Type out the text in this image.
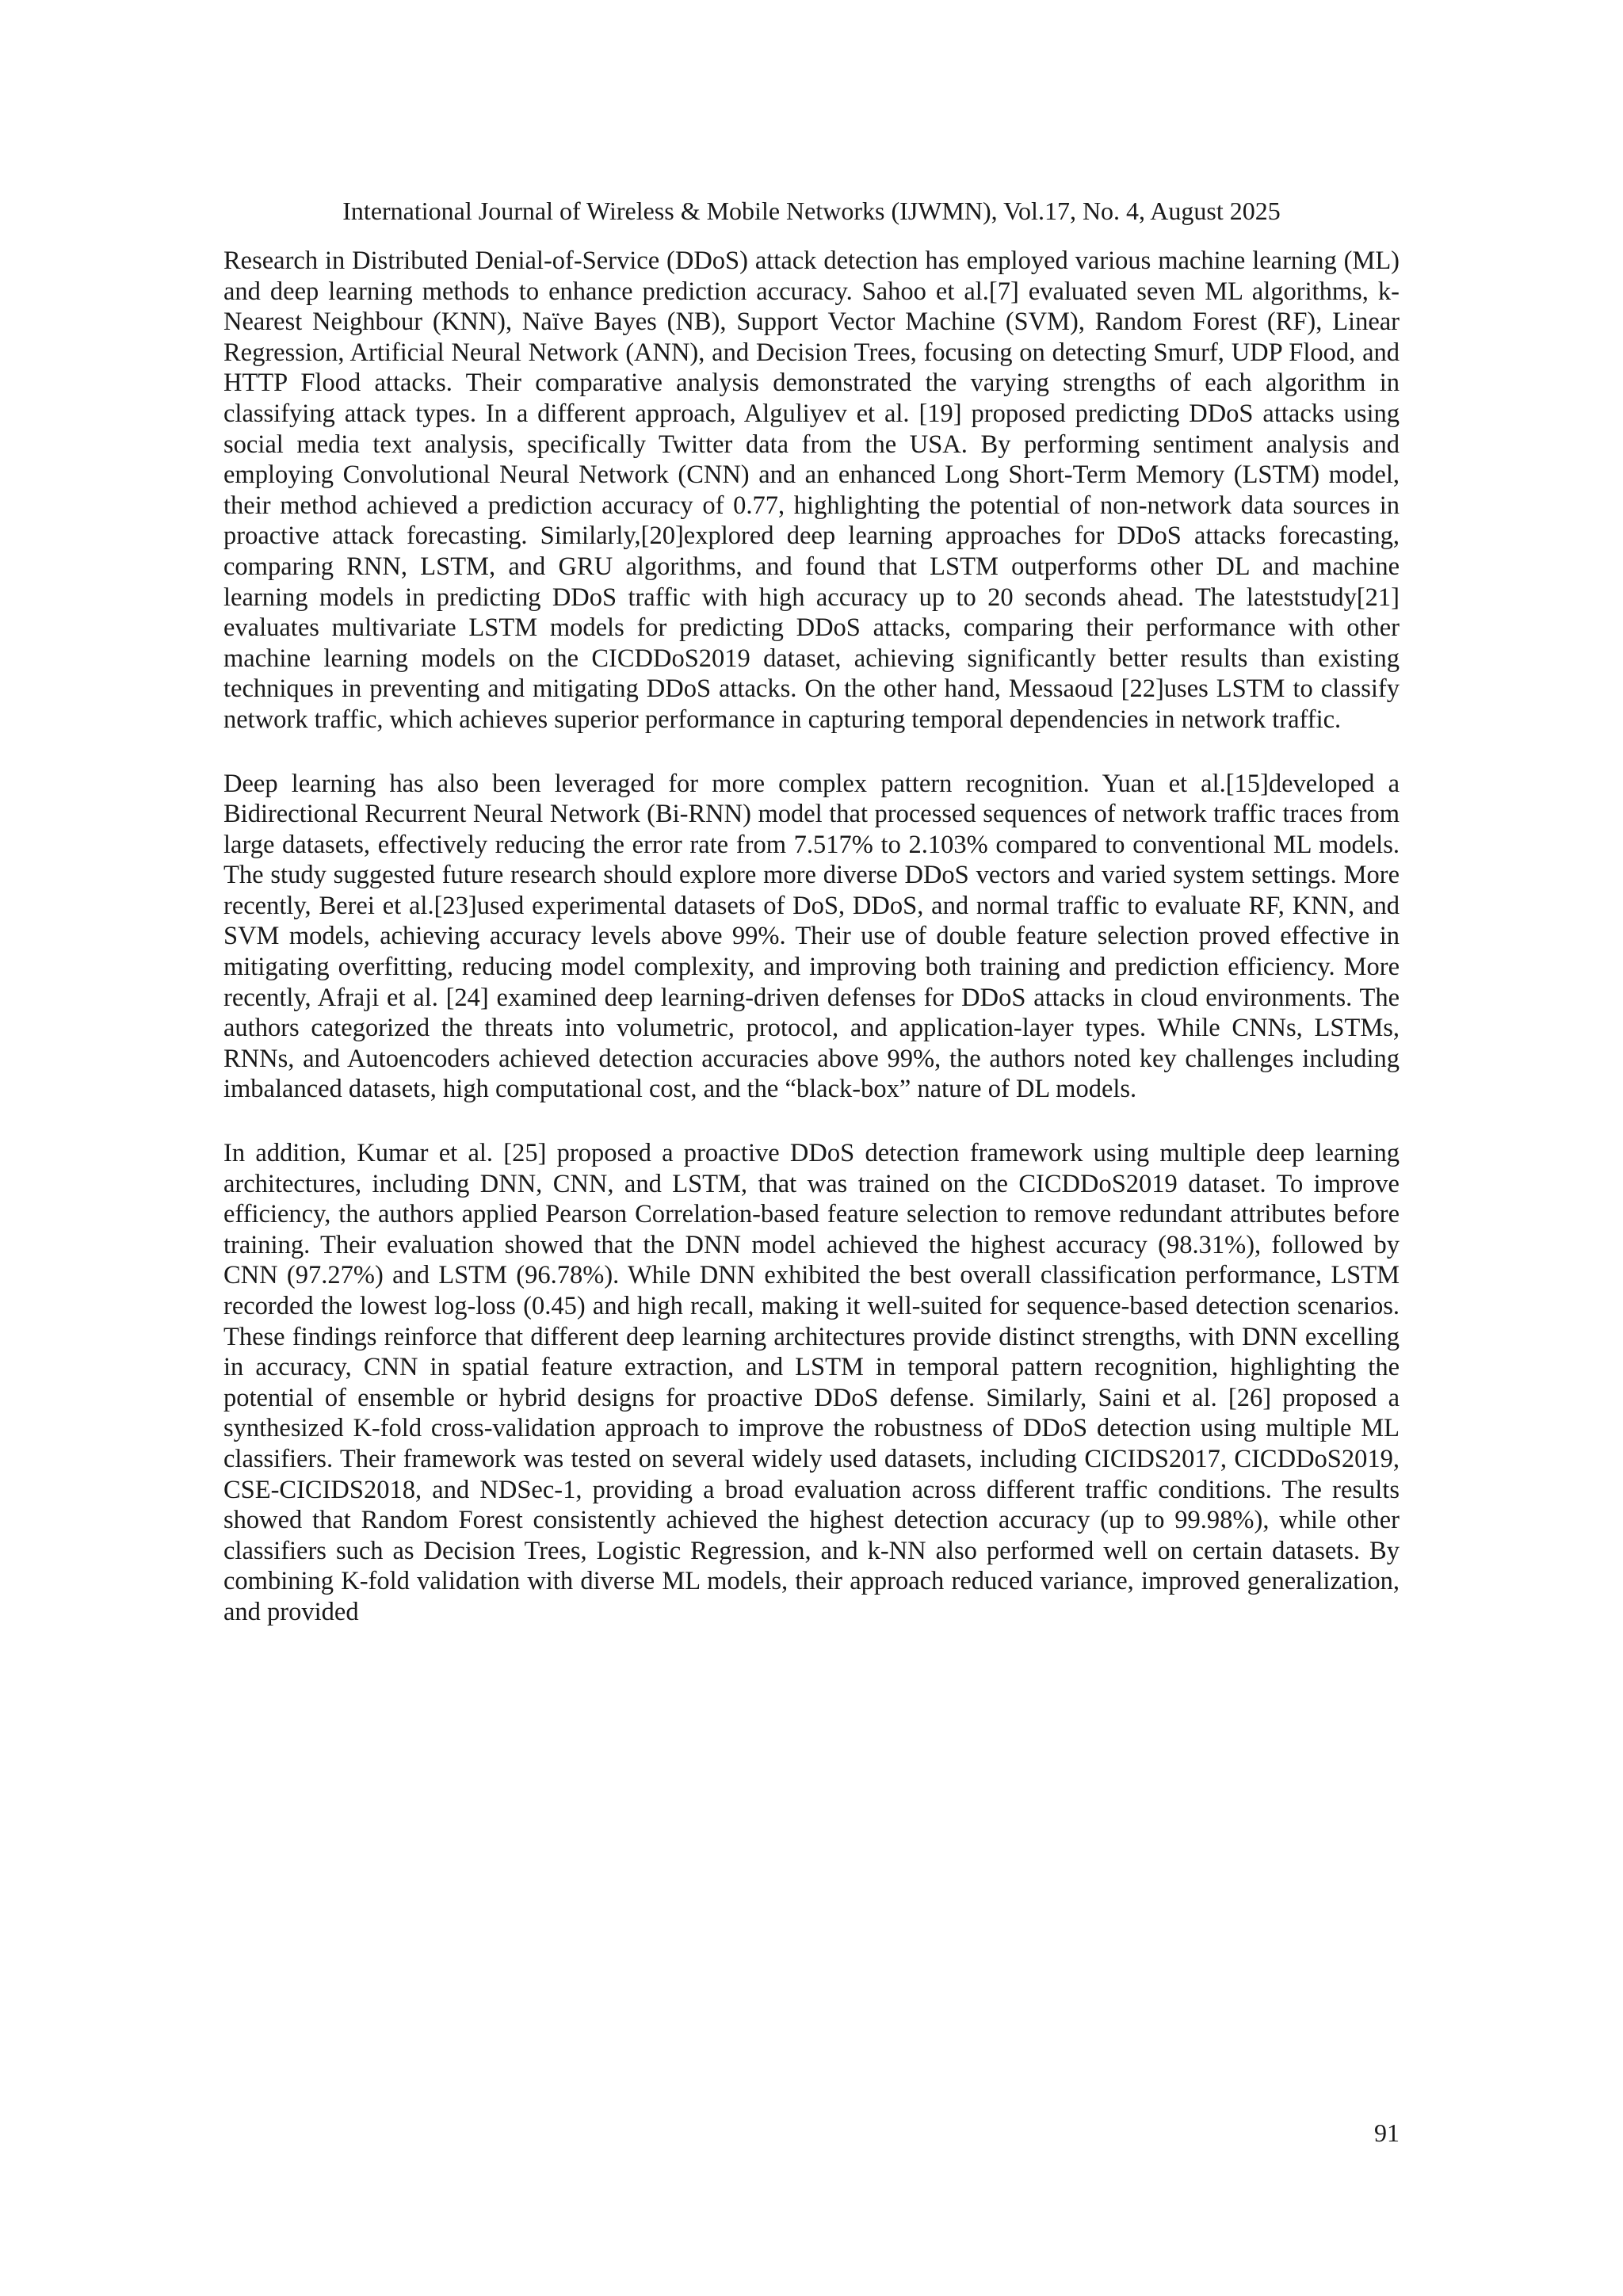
International Journal of Wireless & Mobile Networks (IJWMN), Vol.17, No. 4, August 2025

Research in Distributed Denial-of-Service (DDoS) attack detection has employed various machine learning (ML) and deep learning methods to enhance prediction accuracy. Sahoo et al.[7] evaluated seven ML algorithms, k-Nearest Neighbour (KNN), Naïve Bayes (NB), Support Vector Machine (SVM), Random Forest (RF), Linear Regression, Artificial Neural Network (ANN), and Decision Trees, focusing on detecting Smurf, UDP Flood, and HTTP Flood attacks. Their comparative analysis demonstrated the varying strengths of each algorithm in classifying attack types. In a different approach, Alguliyev et al. [19] proposed predicting DDoS attacks using social media text analysis, specifically Twitter data from the USA. By performing sentiment analysis and employing Convolutional Neural Network (CNN) and an enhanced Long Short-Term Memory (LSTM) model, their method achieved a prediction accuracy of 0.77, highlighting the potential of non-network data sources in proactive attack forecasting. Similarly,[20]explored deep learning approaches for DDoS attacks forecasting, comparing RNN, LSTM, and GRU algorithms, and found that LSTM outperforms other DL and machine learning models in predicting DDoS traffic with high accuracy up to 20 seconds ahead. The lateststudy[21] evaluates multivariate LSTM models for predicting DDoS attacks, comparing their performance with other machine learning models on the CICDDoS2019 dataset, achieving significantly better results than existing techniques in preventing and mitigating DDoS attacks. On the other hand, Messaoud [22]uses LSTM to classify network traffic, which achieves superior performance in capturing temporal dependencies in network traffic.

Deep learning has also been leveraged for more complex pattern recognition. Yuan et al.[15]developed a Bidirectional Recurrent Neural Network (Bi-RNN) model that processed sequences of network traffic traces from large datasets, effectively reducing the error rate from 7.517% to 2.103% compared to conventional ML models. The study suggested future research should explore more diverse DDoS vectors and varied system settings. More recently, Berei et al.[23]used experimental datasets of DoS, DDoS, and normal traffic to evaluate RF, KNN, and SVM models, achieving accuracy levels above 99%. Their use of double feature selection proved effective in mitigating overfitting, reducing model complexity, and improving both training and prediction efficiency. More recently, Afraji et al. [24] examined deep learning-driven defenses for DDoS attacks in cloud environments. The authors categorized the threats into volumetric, protocol, and application-layer types. While CNNs, LSTMs, RNNs, and Autoencoders achieved detection accuracies above 99%, the authors noted key challenges including imbalanced datasets, high computational cost, and the “black-box” nature of DL models.

In addition, Kumar et al. [25] proposed a proactive DDoS detection framework using multiple deep learning architectures, including DNN, CNN, and LSTM, that was trained on the CICDDoS2019 dataset. To improve efficiency, the authors applied Pearson Correlation-based feature selection to remove redundant attributes before training. Their evaluation showed that the DNN model achieved the highest accuracy (98.31%), followed by CNN (97.27%) and LSTM (96.78%). While DNN exhibited the best overall classification performance, LSTM recorded the lowest log-loss (0.45) and high recall, making it well-suited for sequence-based detection scenarios. These findings reinforce that different deep learning architectures provide distinct strengths, with DNN excelling in accuracy, CNN in spatial feature extraction, and LSTM in temporal pattern recognition, highlighting the potential of ensemble or hybrid designs for proactive DDoS defense. Similarly, Saini et al. [26] proposed a synthesized K-fold cross-validation approach to improve the robustness of DDoS detection using multiple ML classifiers. Their framework was tested on several widely used datasets, including CICIDS2017, CICDDoS2019, CSE-CICIDS2018, and NDSec-1, providing a broad evaluation across different traffic conditions. The results showed that Random Forest consistently achieved the highest detection accuracy (up to 99.98%), while other classifiers such as Decision Trees, Logistic Regression, and k-NN also performed well on certain datasets. By combining K-fold validation with diverse ML models, their approach reduced variance, improved generalization, and provided

91
